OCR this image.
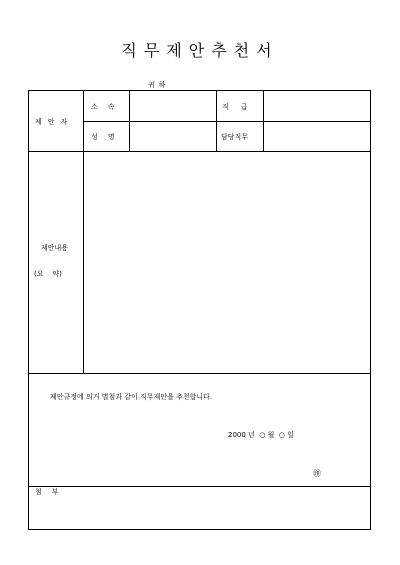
직무제안추천서
귀하
제안자
소속	직급
성명	담당직무
제안내용
(요    약)
제안규정에 의거 별첨과 같이 직무제안을 추천합니다.
2000 년  ○ 월  ○ 일
㊞
첨부
